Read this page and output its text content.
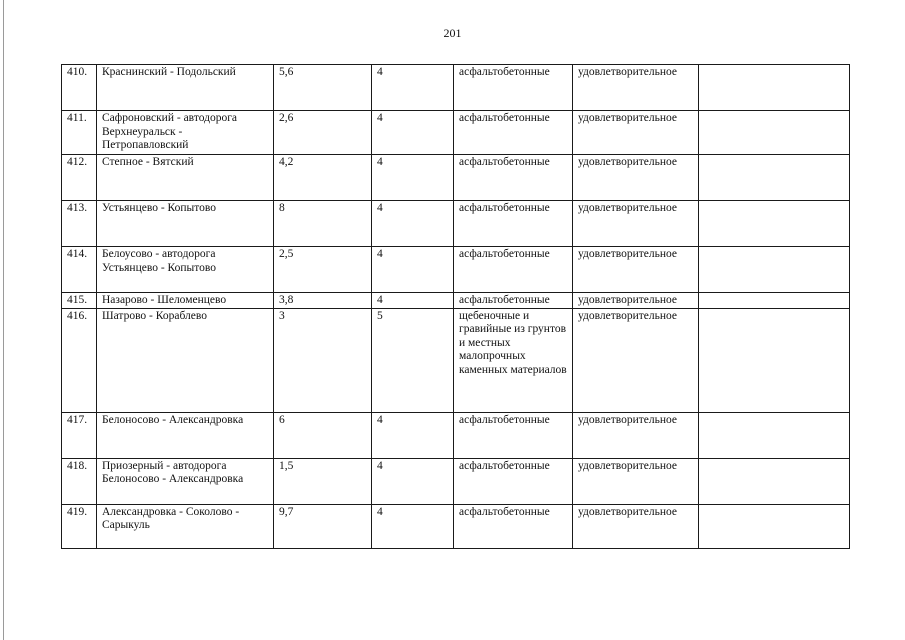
201
410.	Краснинский - Подольский	5,6	4	асфальтобетонные	удовлетворительное	
411.	Сафроновский - автодорога Верхнеуральск - Петропавловский	2,6	4	асфальтобетонные	удовлетворительное	
412.	Степное - Вятский	4,2	4	асфальтобетонные	удовлетворительное	
413.	Устьянцево - Копытово	8	4	асфальтобетонные	удовлетворительное	
414.	Белоусово - автодорога Устьянцево - Копытово	2,5	4	асфальтобетонные	удовлетворительное	
415.	Назарово - Шеломенцево	3,8	4	асфальтобетонные	удовлетворительное	
416.	Шатрово - Кораблево	3	5	щебеночные и гравийные из грунтов и местных малопрочных каменных материалов	удовлетворительное	
417.	Белоносово - Александровка	6	4	асфальтобетонные	удовлетворительное	
418.	Приозерный - автодорога Белоносово - Александровка	1,5	4	асфальтобетонные	удовлетворительное	
419.	Александровка - Соколово - Сарыкуль	9,7	4	асфальтобетонные	удовлетворительное	
